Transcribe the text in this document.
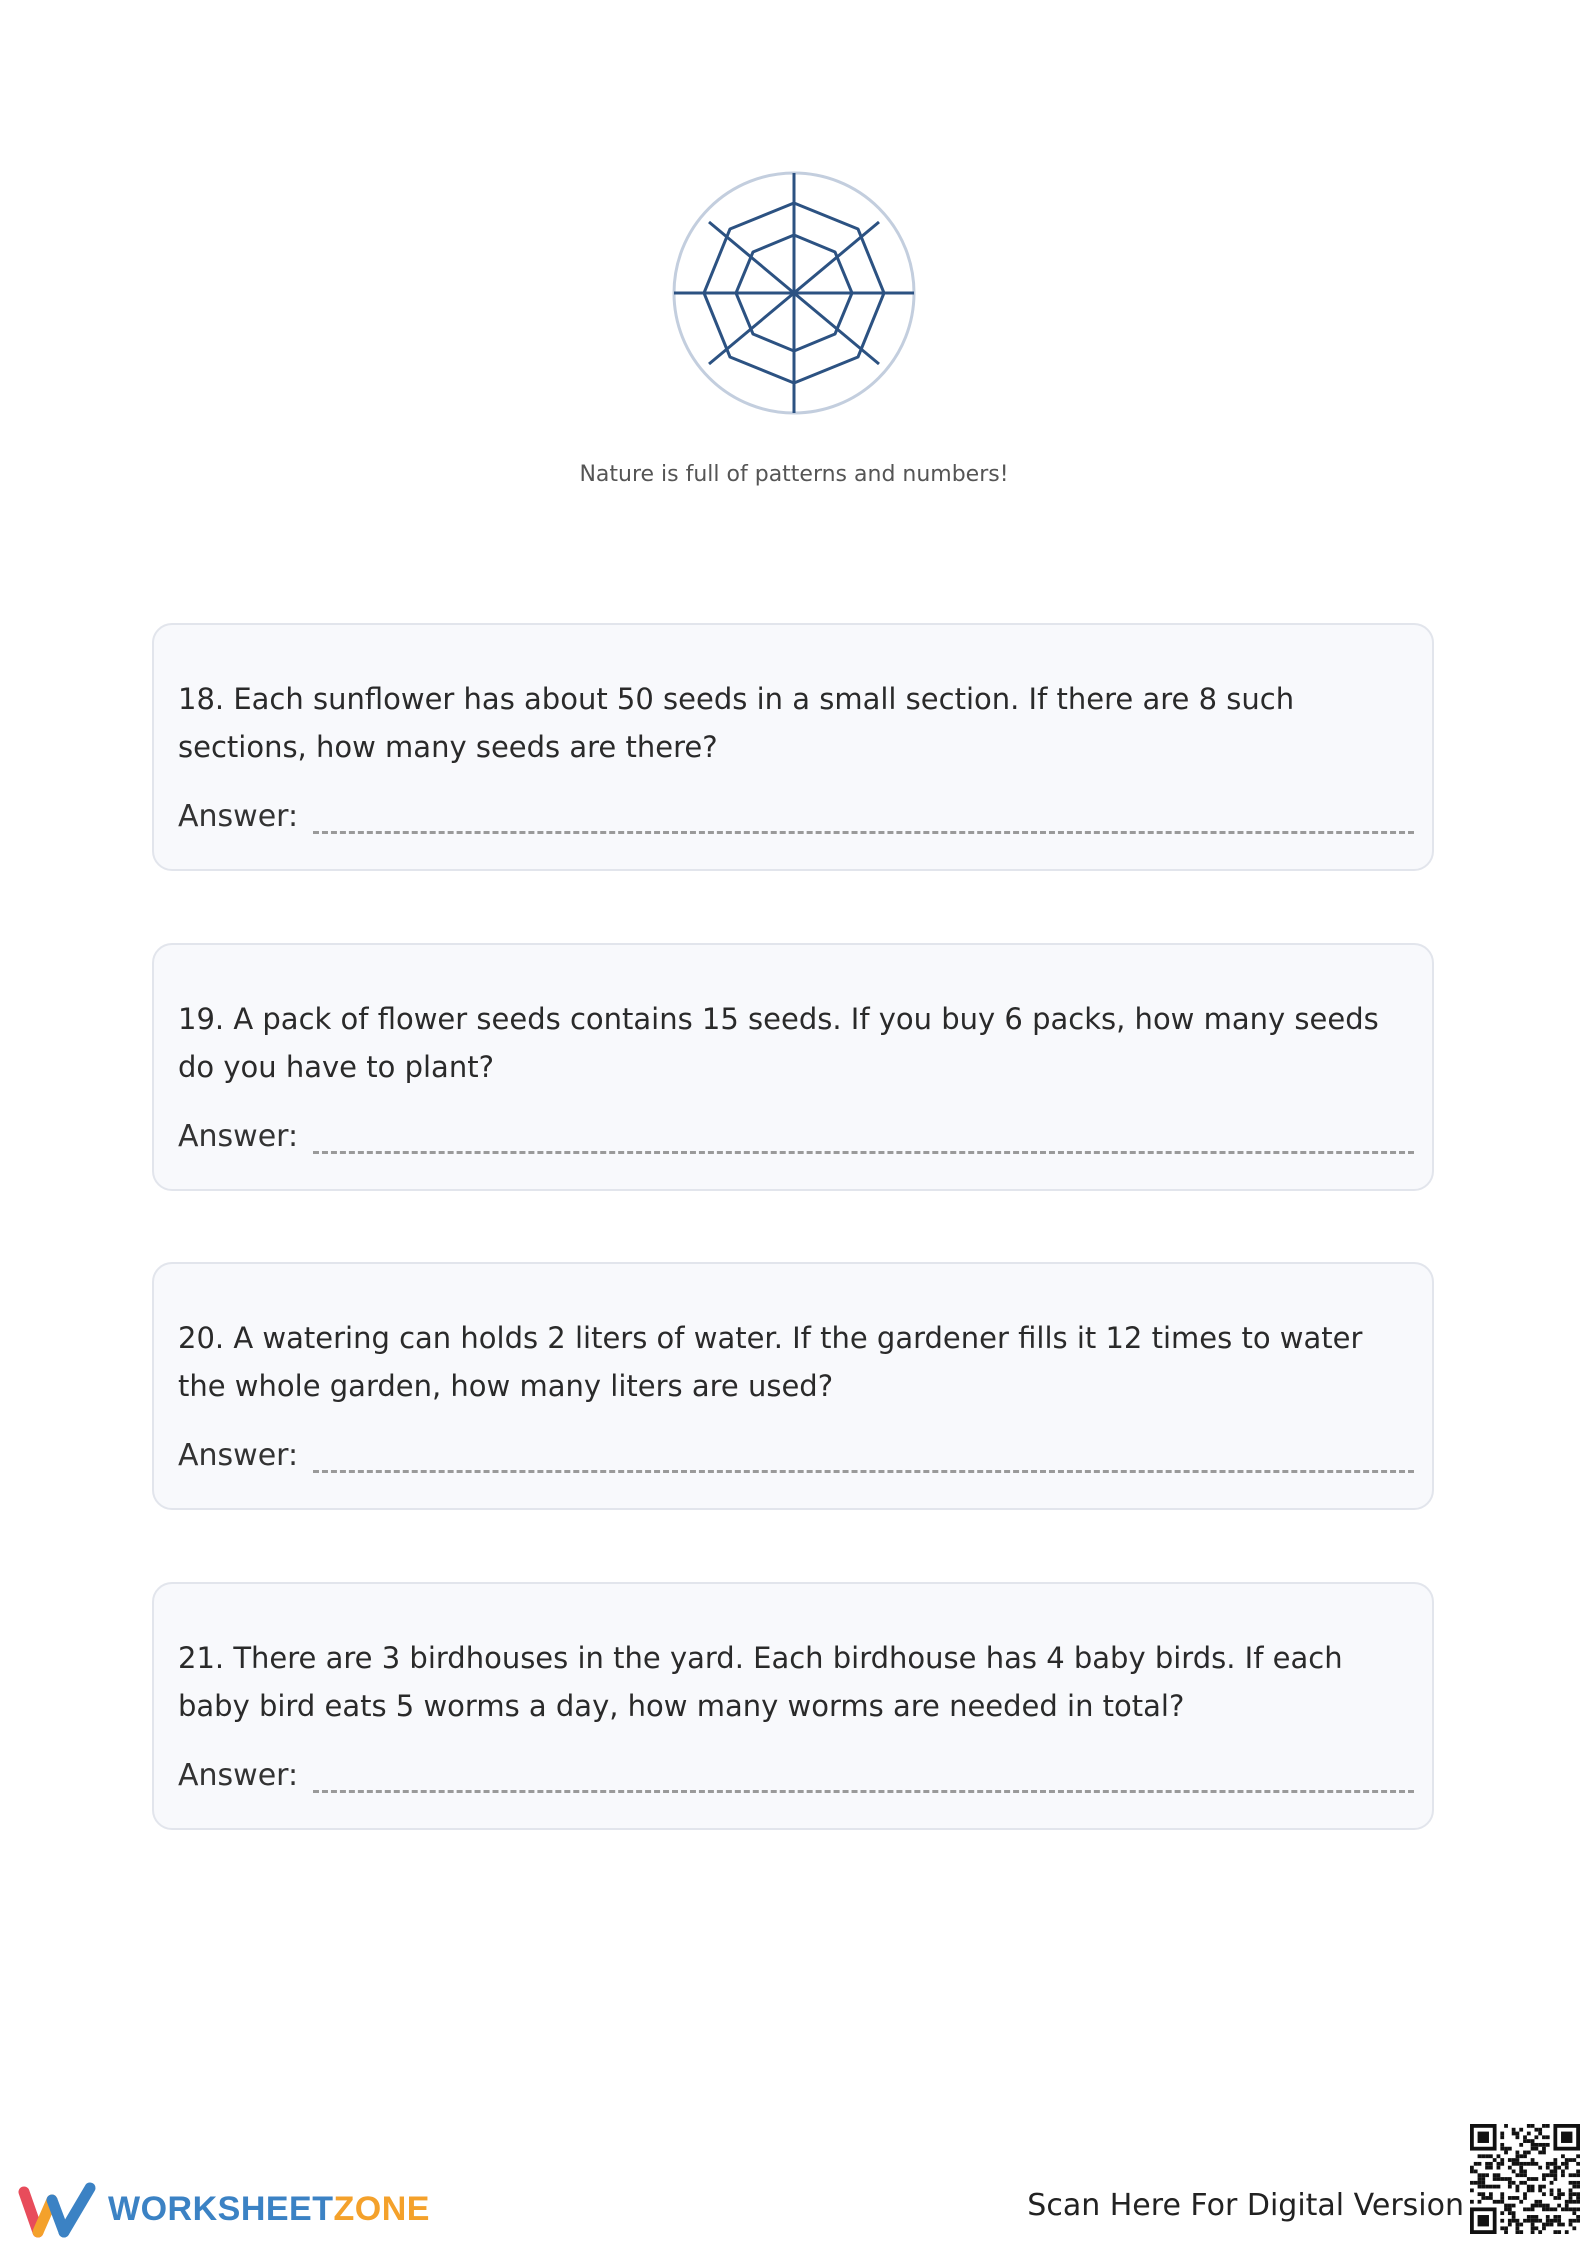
Nature is full of patterns and numbers!
18. Each sunflower has about 50 seeds in a small section. If there are 8 such sections, how many seeds are there?
Answer:
19. A pack of flower seeds contains 15 seeds. If you buy 6 packs, how many seeds do you have to plant?
Answer:
20. A watering can holds 2 liters of water. If the gardener fills it 12 times to water the whole garden, how many liters are used?
Answer:
21. There are 3 birdhouses in the yard. Each birdhouse has 4 baby birds. If each baby bird eats 5 worms a day, how many worms are needed in total?
Answer:
WORKSHEETZONE	Scan Here For Digital Version
